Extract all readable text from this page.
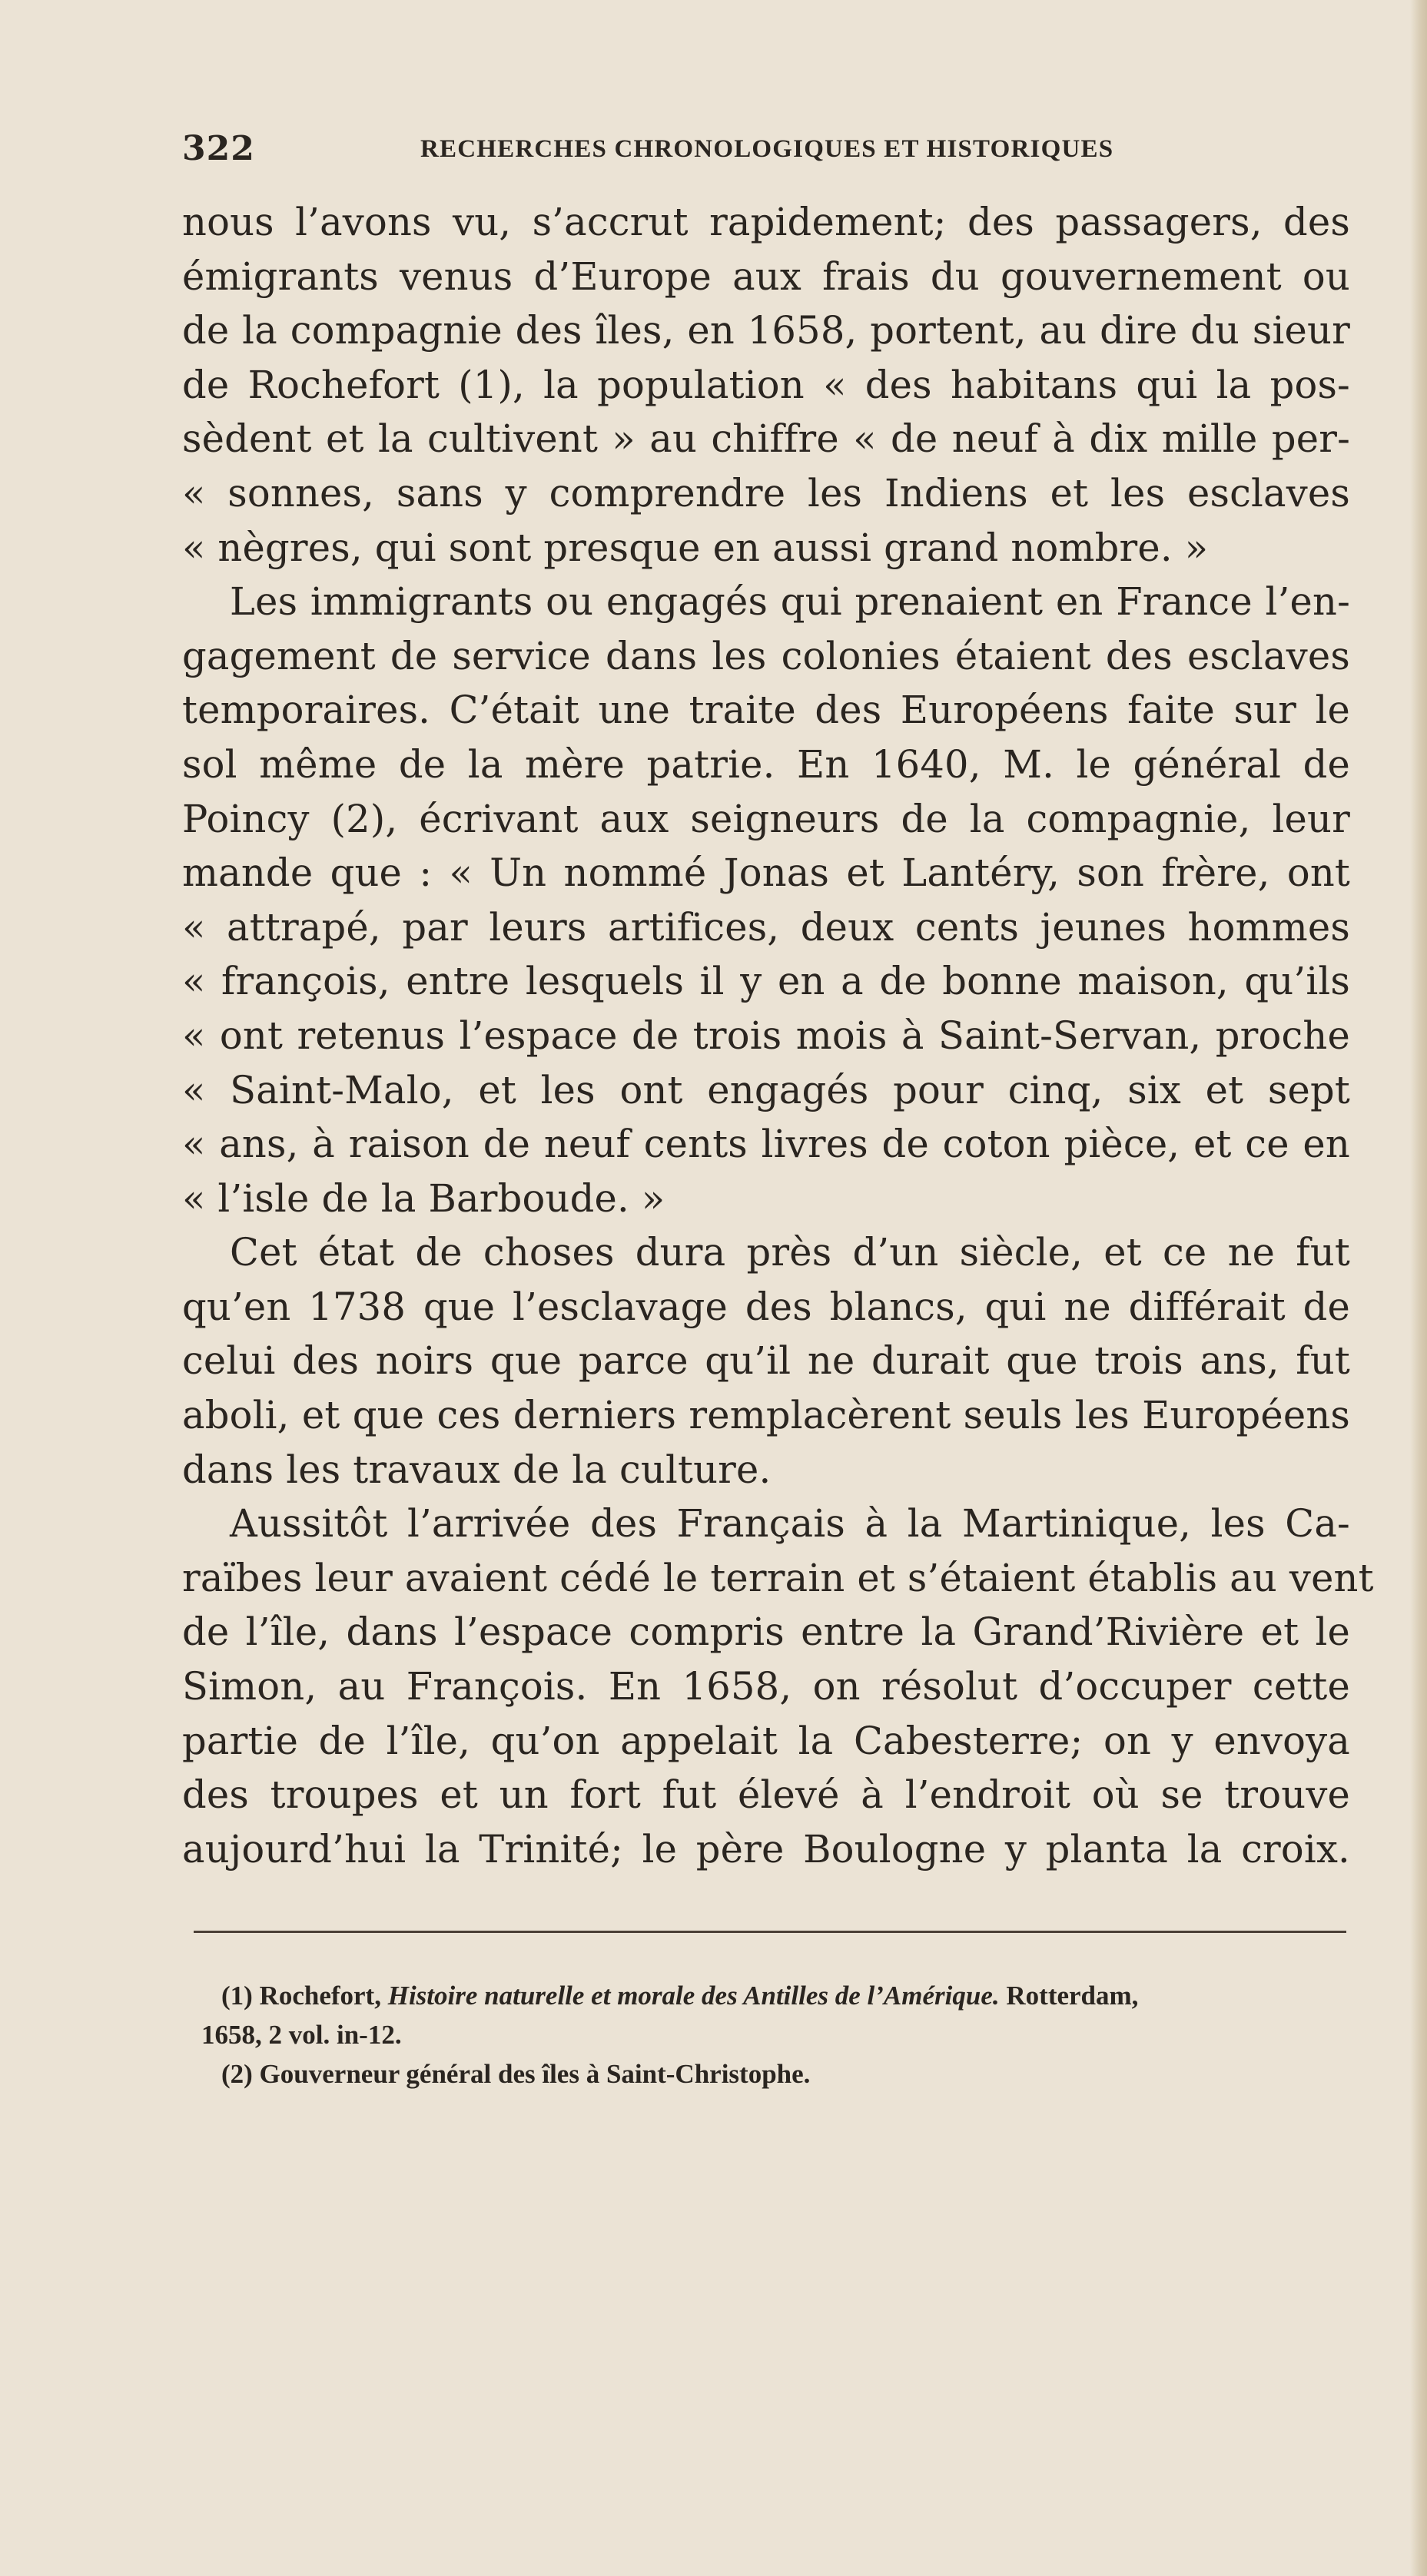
322	RECHERCHES CHRONOLOGIQUES ET HISTORIQUES
nous l’avons vu, s’accrut rapidement; des passagers, des
émigrants venus d’Europe aux frais du gouvernement ou
de la compagnie des îles, en 1658, portent, au dire du sieur
de Rochefort (1), la population « des habitans qui la pos-
sèdent et la cultivent » au chiffre « de neuf à dix mille per-
« sonnes, sans y comprendre les Indiens et les esclaves
« nègres, qui sont presque en aussi grand nombre. »
Les immigrants ou engagés qui prenaient en France l’en-
gagement de service dans les colonies étaient des esclaves
temporaires. C’était une traite des Européens faite sur le
sol même de la mère patrie. En 1640, M. le général de
Poincy (2), écrivant aux seigneurs de la compagnie, leur
mande que : « Un nommé Jonas et Lantéry, son frère, ont
« attrapé, par leurs artifices, deux cents jeunes hommes
« françois, entre lesquels il y en a de bonne maison, qu’ils
« ont retenus l’espace de trois mois à Saint-Servan, proche
« Saint-Malo, et les ont engagés pour cinq, six et sept
« ans, à raison de neuf cents livres de coton pièce, et ce en
« l’isle de la Barboude. »
Cet état de choses dura près d’un siècle, et ce ne fut
qu’en 1738 que l’esclavage des blancs, qui ne différait de
celui des noirs que parce qu’il ne durait que trois ans, fut
aboli, et que ces derniers remplacèrent seuls les Européens
dans les travaux de la culture.
Aussitôt l’arrivée des Français à la Martinique, les Ca-
raïbes leur avaient cédé le terrain et s’étaient établis au vent
de l’île, dans l’espace compris entre la Grand’Rivière et le
Simon, au François. En 1658, on résolut d’occuper cette
partie de l’île, qu’on appelait la Cabesterre; on y envoya
des troupes et un fort fut élevé à l’endroit où se trouve
aujourd’hui la Trinité; le père Boulogne y planta la croix.
(1) Rochefort, Histoire naturelle et morale des Antilles de l’Amérique. Rotterdam,
1658, 2 vol. in-12.
(2) Gouverneur général des îles à Saint-Christophe.
